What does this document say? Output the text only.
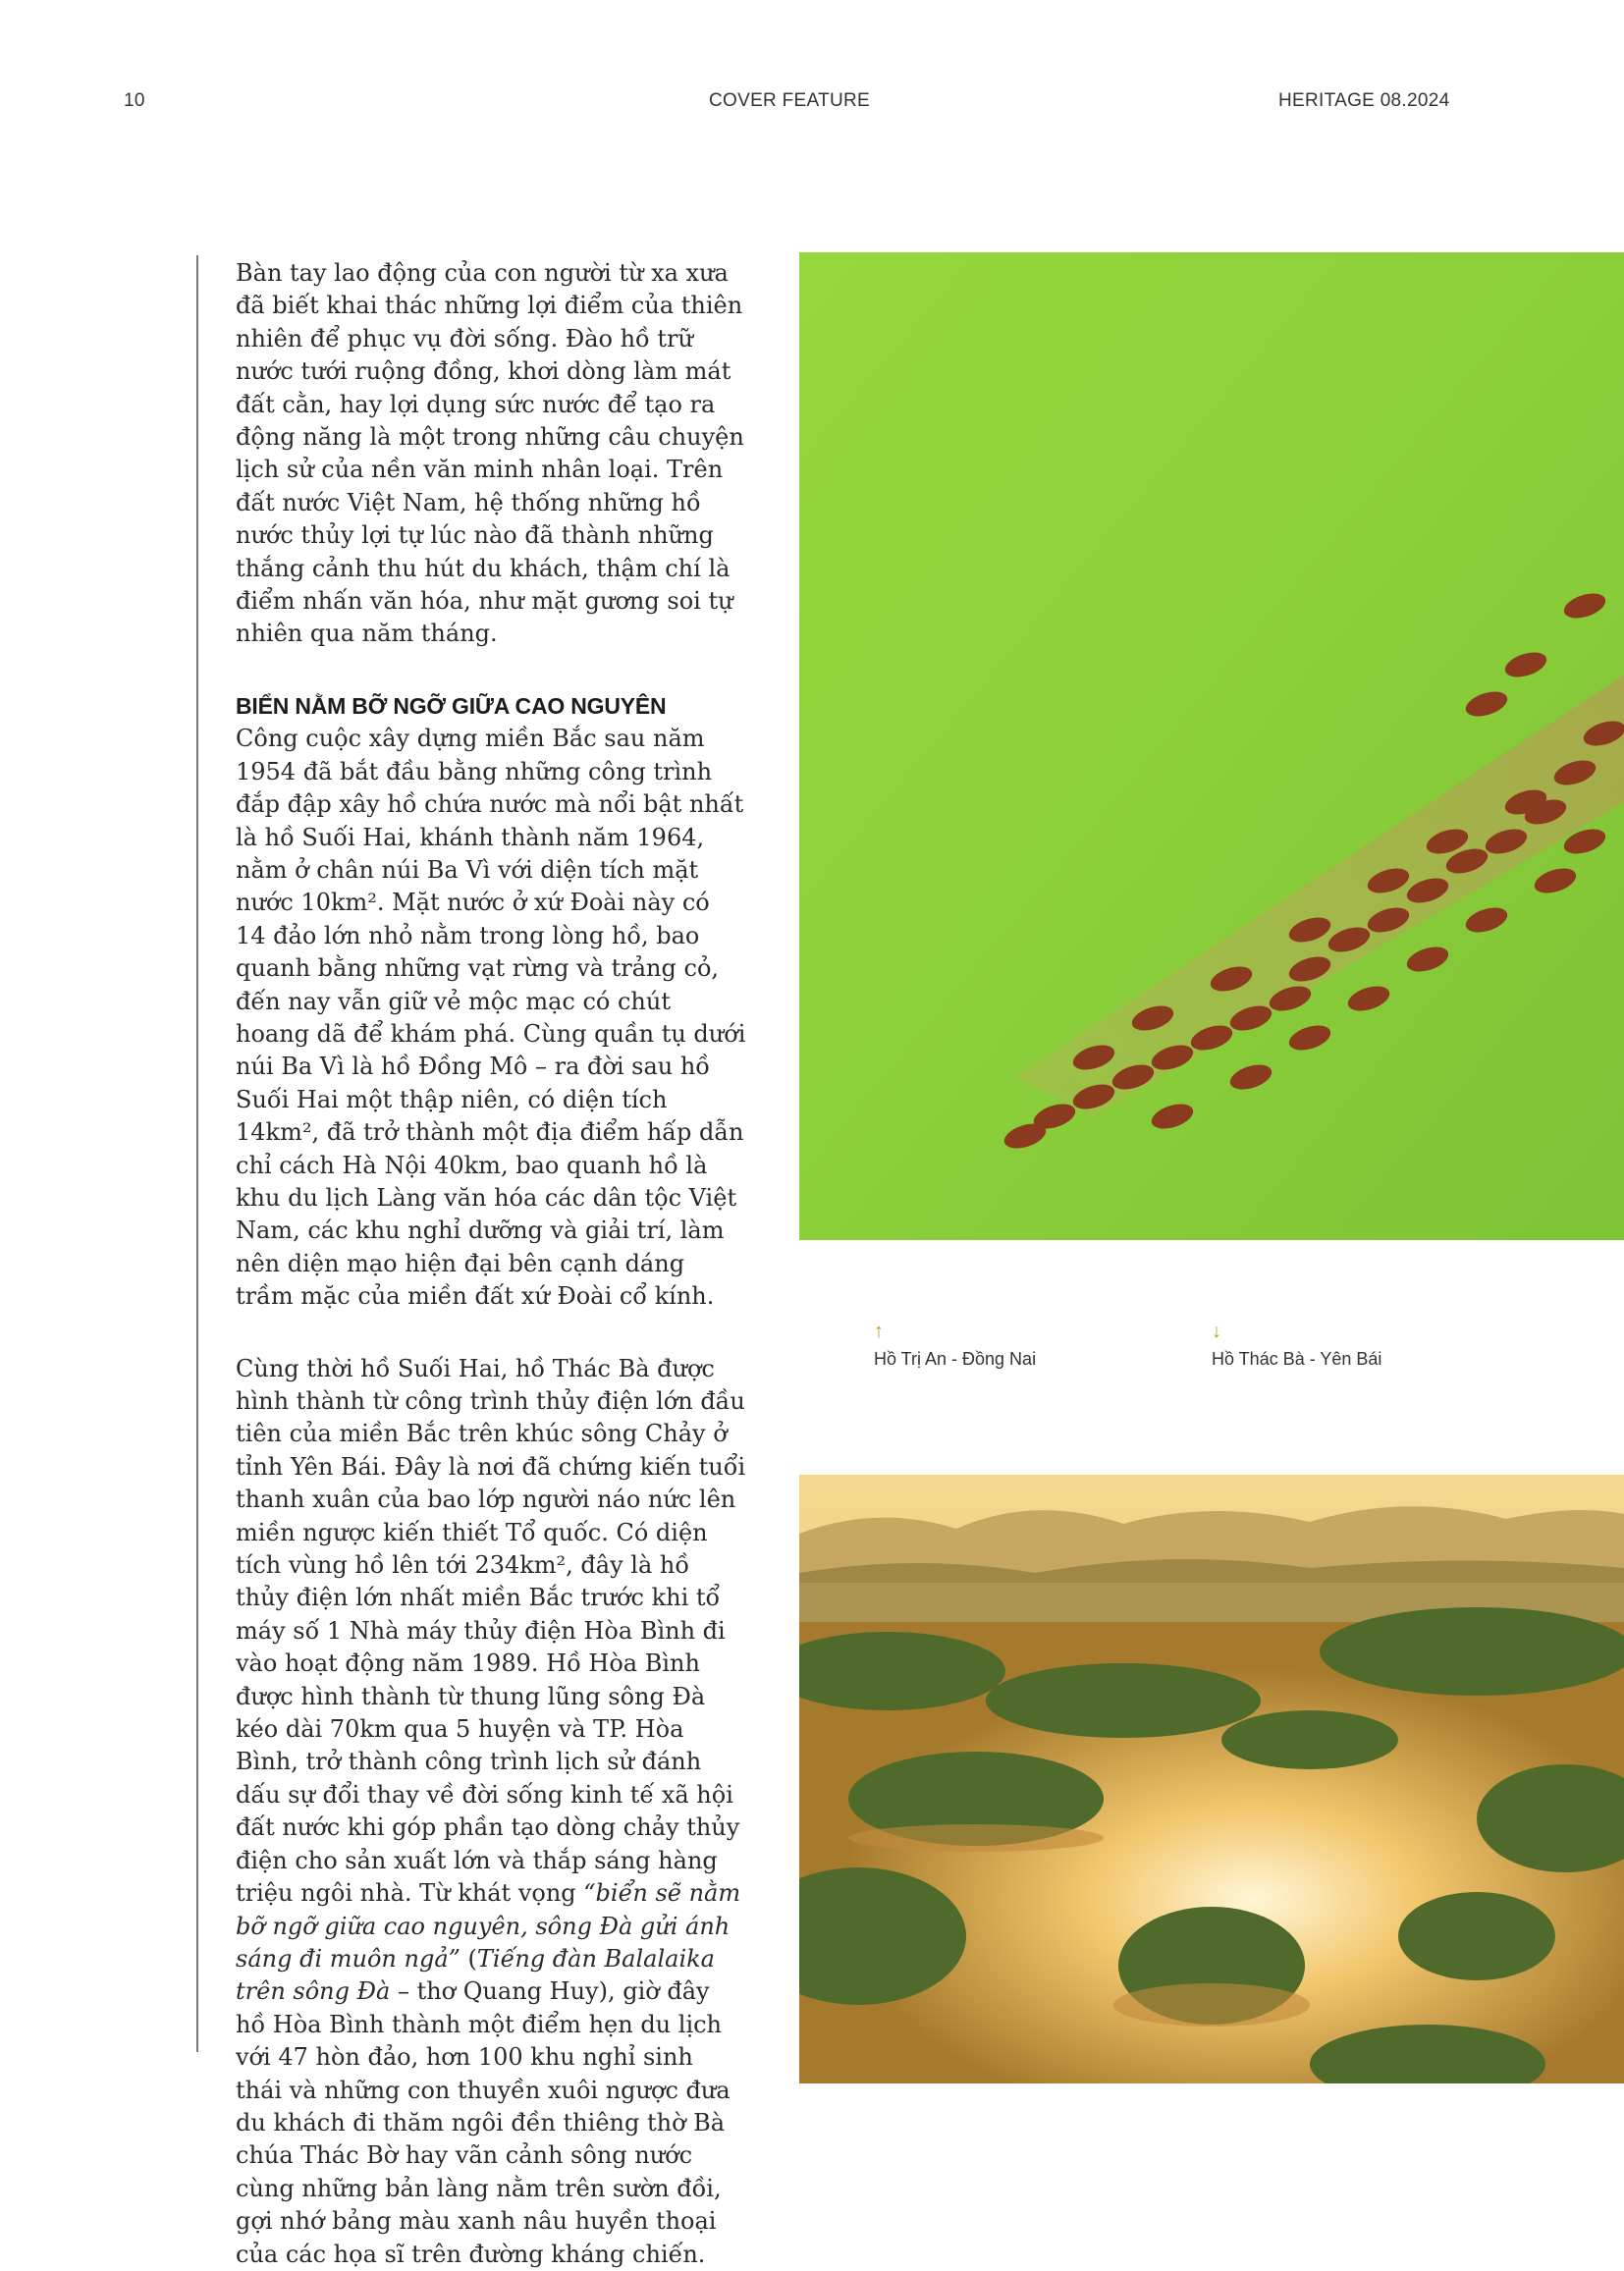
10	COVER FEATURE	HERITAGE 08.2024

Bàn tay lao động của con người từ xa xưa đã biết khai thác những lợi điểm của thiên nhiên để phục vụ đời sống. Đào hồ trữ nước tưới ruộng đồng, khơi dòng làm mát đất cằn, hay lợi dụng sức nước để tạo ra động năng là một trong những câu chuyện lịch sử của nền văn minh nhân loại. Trên đất nước Việt Nam, hệ thống những hồ nước thủy lợi tự lúc nào đã thành những thắng cảnh thu hút du khách, thậm chí là điểm nhấn văn hóa, như mặt gương soi tự nhiên qua năm tháng.

BIỂN NẰM BỠ NGỠ GIỮA CAO NGUYÊN

Công cuộc xây dựng miền Bắc sau năm 1954 đã bắt đầu bằng những công trình đắp đập xây hồ chứa nước mà nổi bật nhất là hồ Suối Hai, khánh thành năm 1964, nằm ở chân núi Ba Vì với diện tích mặt nước 10km². Mặt nước ở xứ Đoài này có 14 đảo lớn nhỏ nằm trong lòng hồ, bao quanh bằng những vạt rừng và trảng cỏ, đến nay vẫn giữ vẻ mộc mạc có chút hoang dã để khám phá. Cùng quần tụ dưới núi Ba Vì là hồ Đồng Mô – ra đời sau hồ Suối Hai một thập niên, có diện tích 14km², đã trở thành một địa điểm hấp dẫn chỉ cách Hà Nội 40km, bao quanh hồ là khu du lịch Làng văn hóa các dân tộc Việt Nam, các khu nghỉ dưỡng và giải trí, làm nên diện mạo hiện đại bên cạnh dáng trầm mặc của miền đất xứ Đoài cổ kính.

Cùng thời hồ Suối Hai, hồ Thác Bà được hình thành từ công trình thủy điện lớn đầu tiên của miền Bắc trên khúc sông Chảy ở tỉnh Yên Bái. Đây là nơi đã chứng kiến tuổi thanh xuân của bao lớp người náo nức lên miền ngược kiến thiết Tổ quốc. Có diện tích vùng hồ lên tới 234km², đây là hồ thủy điện lớn nhất miền Bắc trước khi tổ máy số 1 Nhà máy thủy điện Hòa Bình đi vào hoạt động năm 1989. Hồ Hòa Bình được hình thành từ thung lũng sông Đà kéo dài 70km qua 5 huyện và TP. Hòa Bình, trở thành công trình lịch sử đánh dấu sự đổi thay về đời sống kinh tế xã hội đất nước khi góp phần tạo dòng chảy thủy điện cho sản xuất lớn và thắp sáng hàng triệu ngôi nhà. Từ khát vọng “biển sẽ nằm bỡ ngỡ giữa cao nguyên, sông Đà gửi ánh sáng đi muôn ngả” (Tiếng đàn Balalaika trên sông Đà – thơ Quang Huy), giờ đây hồ Hòa Bình thành một điểm hẹn du lịch với 47 hòn đảo, hơn 100 khu nghỉ sinh thái và những con thuyền xuôi ngược đưa du khách đi thăm ngôi đền thiêng thờ Bà chúa Thác Bờ hay vãn cảnh sông nước cùng những bản làng nằm trên sườn đồi, gợi nhớ bảng màu xanh nâu huyền thoại của các họa sĩ trên đường kháng chiến.

↑
Hồ Trị An - Đồng Nai
↓
Hồ Thác Bà - Yên Bái
